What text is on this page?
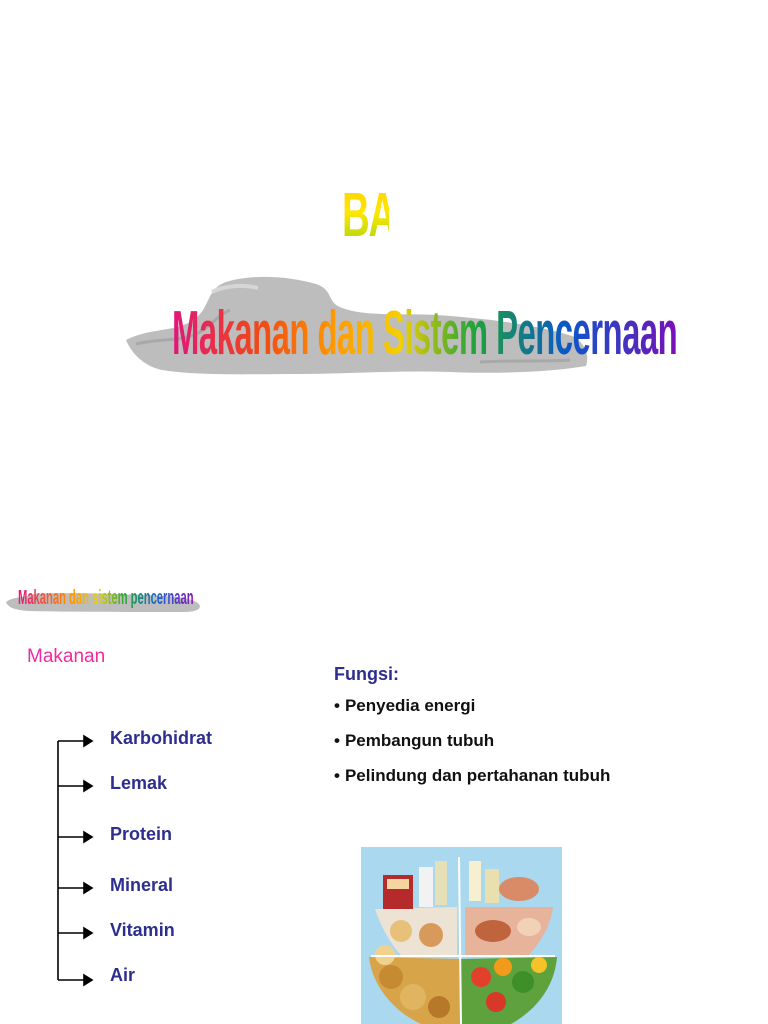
BAB 6
Makanan dan Sistem Pencernaan
Makanan dan sistem pencernaan
Makanan
Karbohidrat
Lemak
Protein
Mineral
Vitamin
Air
Fungsi:
• Penyedia energi
• Pembangun tubuh
• Pelindung dan pertahanan tubuh
